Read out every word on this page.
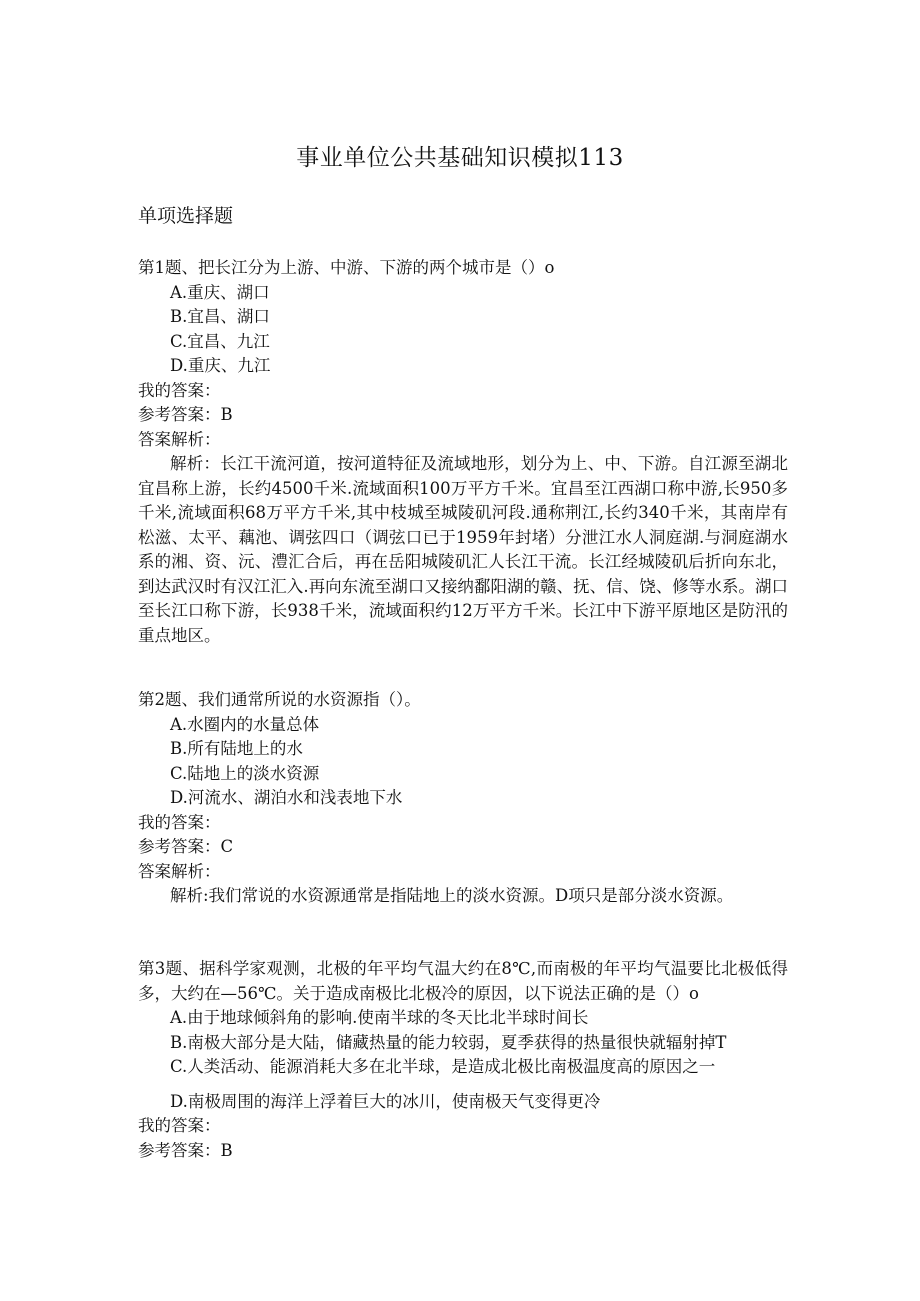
事业单位公共基础知识模拟113
单项选择题
第1题、把长江分为上游、中游、下游的两个城市是（）o
A.重庆、湖口
B.宜昌、湖口
C.宜昌、九江
D.重庆、九江
我的答案：
参考答案：B
答案解析：
解析：长江干流河道，按河道特征及流域地形，划分为上、中、下游。自江源至湖北宜昌称上游，长约4500千米.流域面积100万平方千米。宜昌至江西湖口称中游,长950多千米,流域面积68万平方千米,其中枝城至城陵矶河段.通称荆江,长约340千米，其南岸有松滋、太平、藕池、调弦四口（调弦口已于1959年封堵）分泄江水人洞庭湖.与洞庭湖水系的湘、资、沅、澧汇合后，再在岳阳城陵矶汇人长江干流。长江经城陵矶后折向东北，到达武汉时有汉江汇入.再向东流至湖口又接纳鄱阳湖的赣、抚、信、饶、修等水系。湖口至长江口称下游，长938千米，流域面积约12万平方千米。长江中下游平原地区是防汛的重点地区。
第2题、我们通常所说的水资源指（）。
A.水圈内的水量总体
B.所有陆地上的水
C.陆地上的淡水资源
D.河流水、湖泊水和浅表地下水
我的答案：
参考答案：C
答案解析：
解析:我们常说的水资源通常是指陆地上的淡水资源。D项只是部分淡水资源。
第3题、据科学家观测，北极的年平均气温大约在8℃,而南极的年平均气温要比北极低得多，大约在—56℃。关于造成南极比北极冷的原因，以下说法正确的是（）o
A.由于地球倾斜角的影响.使南半球的冬天比北半球时间长
B.南极大部分是大陆，储藏热量的能力较弱，夏季获得的热量很快就辐射掉T
C.人类活动、能源消耗大多在北半球，是造成北极比南极温度高的原因之一
D.南极周围的海洋上浮着巨大的冰川，使南极天气变得更冷
我的答案：
参考答案：B
